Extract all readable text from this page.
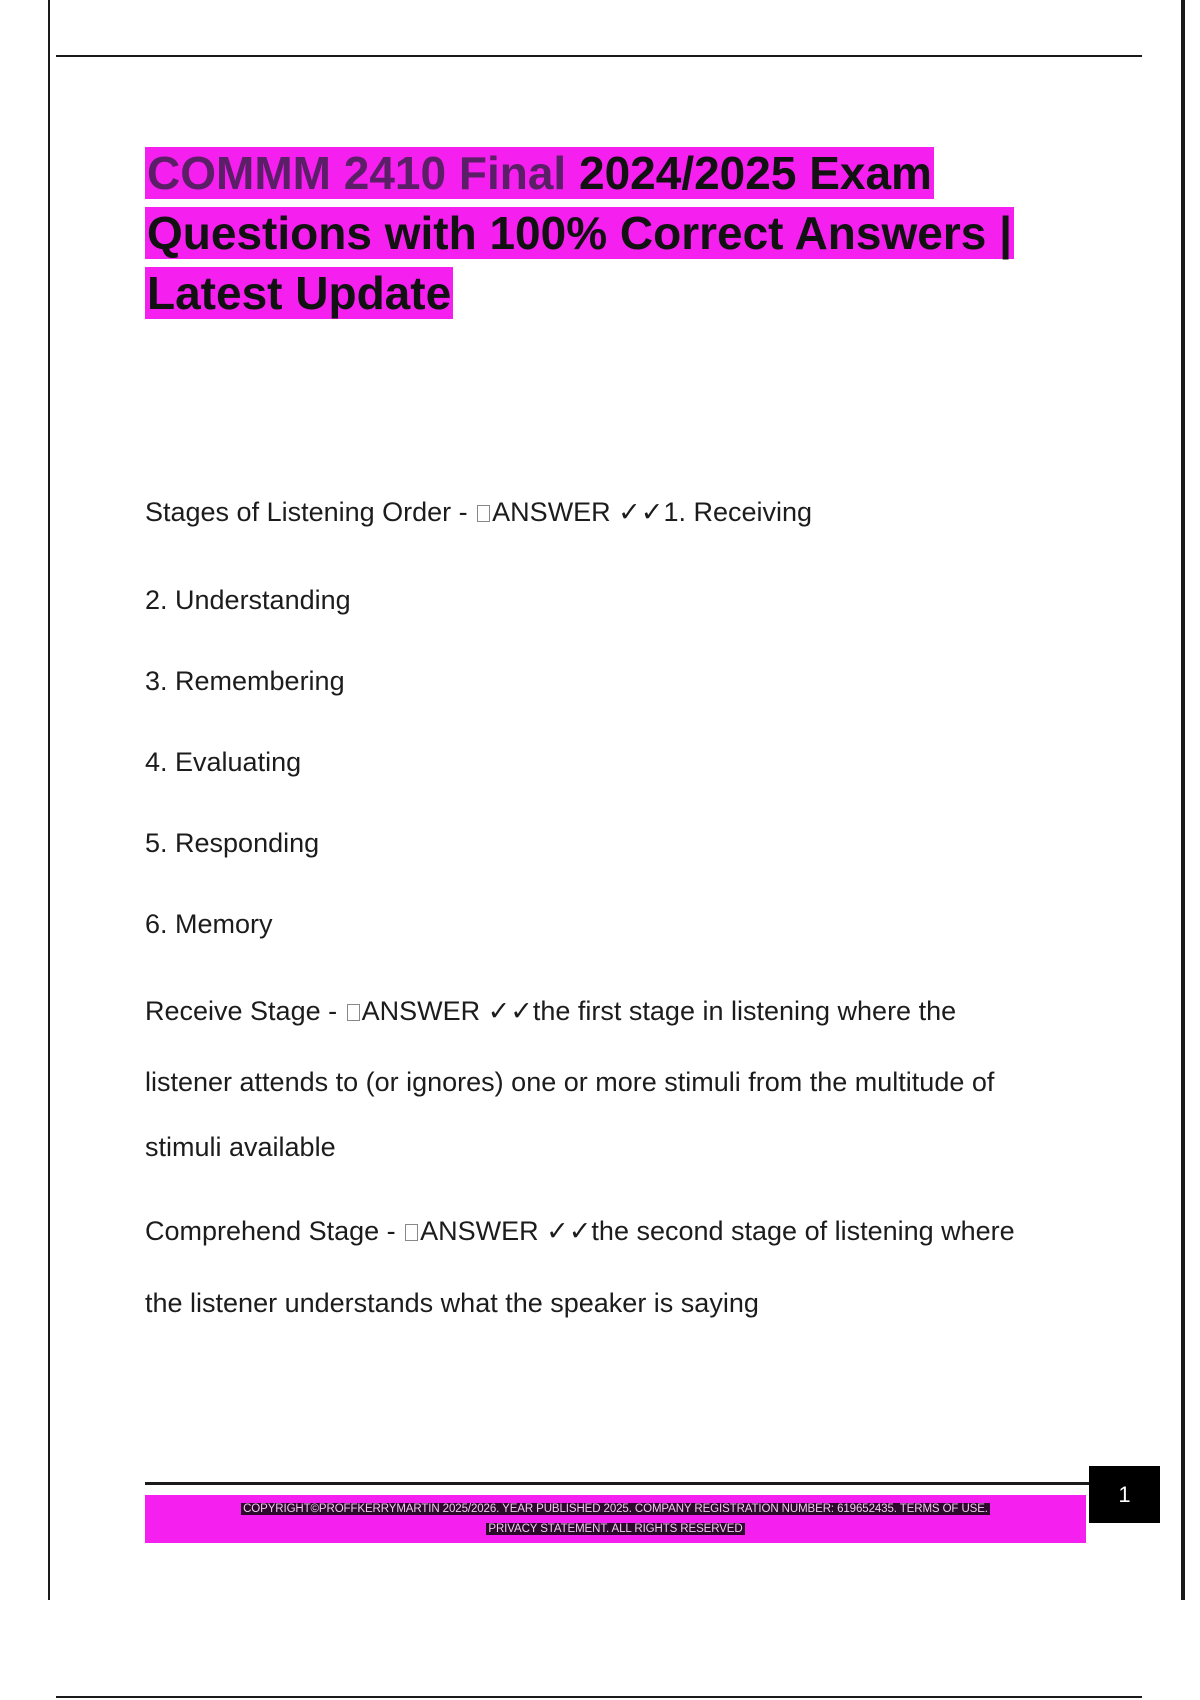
COMMM 2410 Final 2024/2025 Exam
Questions with 100% Correct Answers |
Latest Update

Stages of Listening Order - ANSWER ✓✓1. Receiving

2. Understanding

3. Remembering

4. Evaluating

5. Responding

6. Memory

Receive Stage - ANSWER ✓✓the first stage in listening where the

listener attends to (or ignores) one or more stimuli from the multitude of

stimuli available

Comprehend Stage - ANSWER ✓✓the second stage of listening where

the listener understands what the speaker is saying

COPYRIGHT©PROFFKERRYMARTIN 2025/2026. YEAR PUBLISHED 2025. COMPANY REGISTRATION NUMBER: 619652435. TERMS OF USE.
PRIVACY STATEMENT. ALL RIGHTS RESERVED
1
